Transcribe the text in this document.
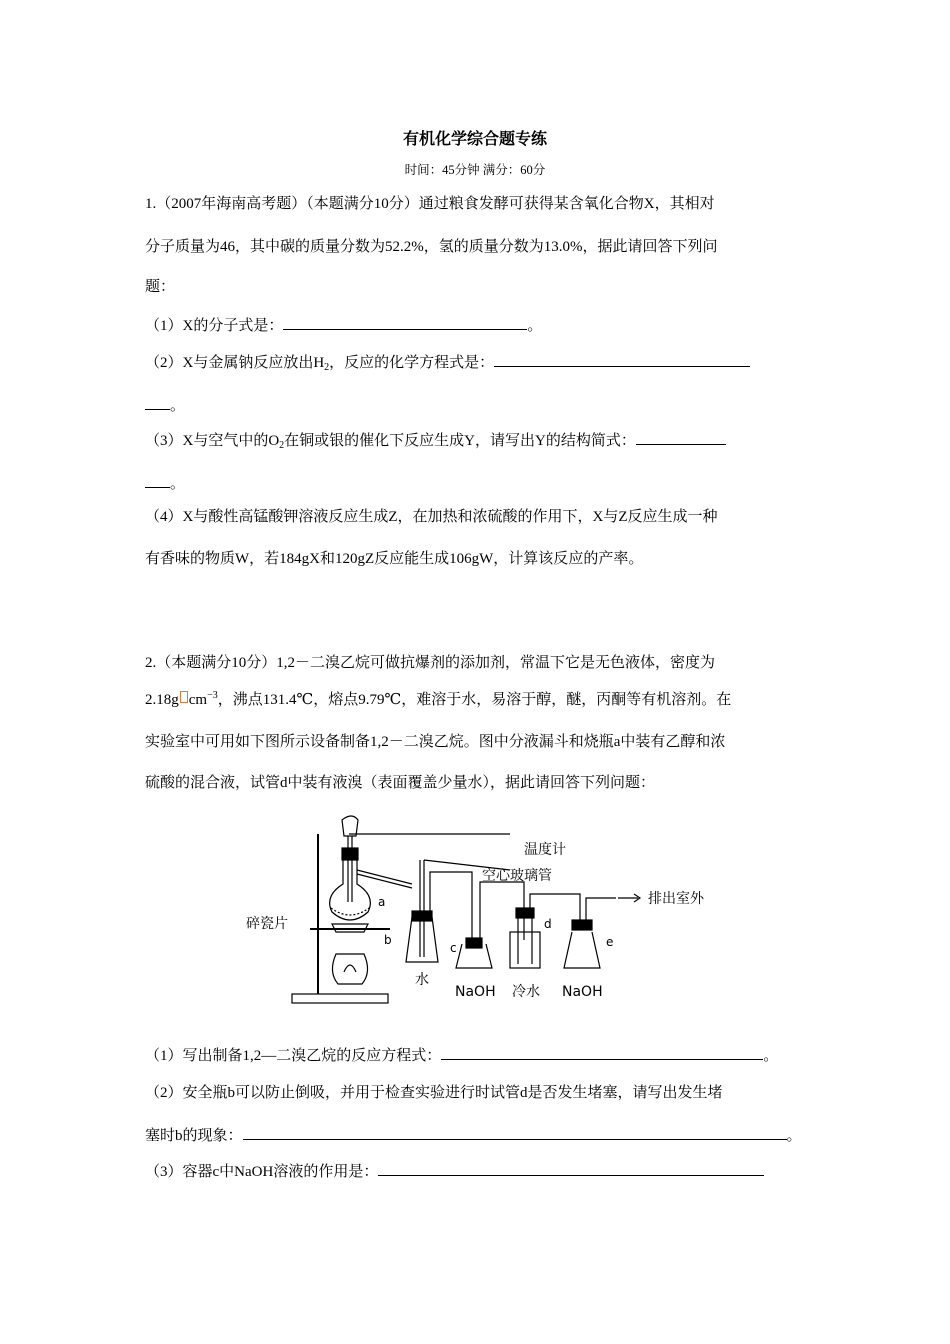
有机化学综合题专练
时间：45分钟 满分：60分
1.（2007年海南高考题）（本题满分10分）通过粮食发酵可获得某含氧化合物X，其相对
分子质量为46，其中碳的质量分数为52.2%，氢的质量分数为13.0%，据此请回答下列问
题：
（1）X的分子式是：	。
（2）X与金属钠反应放出$H_2$，反应的化学方程式是：
。
（3）X与空气中的$O_2$在铜或银的催化下反应生成Y，请写出Y的结构简式：
。
（4）X与酸性高锰酸钾溶液反应生成Z，在加热和浓硫酸的作用下，X与Z反应生成一种
有香味的物质W，若184gX和120gZ反应能生成106gW，计算该反应的产率。
2.（本题满分10分）1,2－二溴乙烷可做抗爆剂的添加剂，常温下它是无色液体，密度为
2.18g $cm^{-3}$，沸点131.4℃，熔点9.79℃，难溶于水，易溶于醇，醚，丙酮等有机溶剂。在
实验室中可用如下图所示设备制备1,2－二溴乙烷。图中分液漏斗和烧瓶a中装有乙醇和浓
硫酸的混合液，试管d中装有液溴（表面覆盖少量水），据此请回答下列问题：
温度计
空心玻璃管
排出室外
碎瓷片
a
b
c
d
e
水
NaOH 冷水 NaOH
（1）写出制备1,2—二溴乙烷的反应方程式：	。
（2）安全瓶b可以防止倒吸，并用于检查实验进行时试管d是否发生堵塞，请写出发生堵
塞时b的现象：	。
（3）容器c中NaOH溶液的作用是：
